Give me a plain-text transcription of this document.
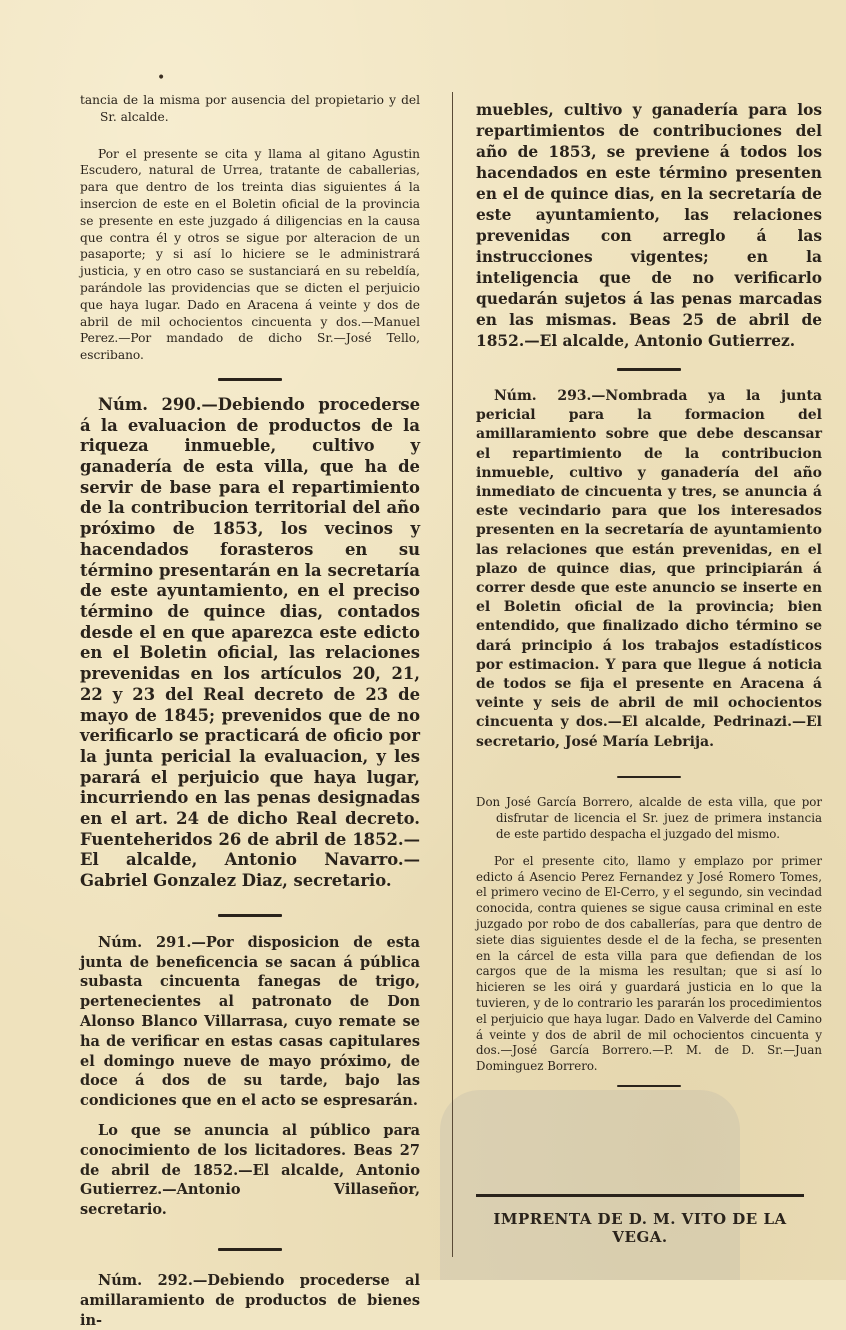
•

tancia de la misma por ausencia del propietario y del Sr. alcalde.

Por el presente se cita y llama al gitano Agustin Escudero, natural de Urrea, tratante de caballerias, para que dentro de los treinta dias siguientes á la insercion de este en el Boletin oficial de la provincia se presente en este juzgado á diligencias en la causa que contra él y otros se sigue por alteracion de un pasaporte; y si así lo hiciere se le administrará justicia, y en otro caso se sustanciará en su rebeldía, parándole las providencias que se dicten el perjuicio que haya lugar. Dado en Aracena á veinte y dos de abril de mil ochocientos cincuenta y dos.—Manuel Perez.—Por mandado de dicho Sr.—José Tello, escribano.

Núm. 290.—Debiendo procederse á la evaluacion de productos de la riqueza inmueble, cultivo y ganadería de esta villa, que ha de servir de base para el repartimiento de la contribucion territorial del año próximo de 1853, los vecinos y hacendados forasteros en su término presentarán en la secretaría de este ayuntamiento, en el preciso término de quince dias, contados desde el en que aparezca este edicto en el Boletin oficial, las relaciones prevenidas en los artículos 20, 21, 22 y 23 del Real decreto de 23 de mayo de 1845; prevenidos que de no verificarlo se practicará de oficio por la junta pericial la evaluacion, y les parará el perjuicio que haya lugar, incurriendo en las penas designadas en el art. 24 de dicho Real decreto. Fuenteheridos 26 de abril de 1852.—El alcalde, Antonio Navarro.—Gabriel Gonzalez Diaz, secretario.

Núm. 291.—Por disposicion de esta junta de beneficencia se sacan á pública subasta cincuenta fanegas de trigo, pertenecientes al patronato de Don Alonso Blanco Villarrasa, cuyo remate se ha de verificar en estas casas capitulares el domingo nueve de mayo próximo, de doce á dos de su tarde, bajo las condiciones que en el acto se espresarán.

Lo que se anuncia al público para conocimiento de los licitadores. Beas 27 de abril de 1852.—El alcalde, Antonio Gutierrez.—Antonio Villaseñor, secretario.

Núm. 292.—Debiendo procederse al amillaramiento de productos de bienes in-

muebles, cultivo y ganadería para los repartimientos de contribuciones del año de 1853, se previene á todos los hacendados en este término presenten en el de quince dias, en la secretaría de este ayuntamiento, las relaciones prevenidas con arreglo á las instrucciones vigentes; en la inteligencia que de no verificarlo quedarán sujetos á las penas marcadas en las mismas. Beas 25 de abril de 1852.—El alcalde, Antonio Gutierrez.

Núm. 293.—Nombrada ya la junta pericial para la formacion del amillaramiento sobre que debe descansar el repartimiento de la contribucion inmueble, cultivo y ganadería del año inmediato de cincuenta y tres, se anuncia á este vecindario para que los interesados presenten en la secretaría de ayuntamiento las relaciones que están prevenidas, en el plazo de quince dias, que principiarán á correr desde que este anuncio se inserte en el Boletin oficial de la provincia; bien entendido, que finalizado dicho término se dará principio á los trabajos estadísticos por estimacion. Y para que llegue á noticia de todos se fija el presente en Aracena á veinte y seis de abril de mil ochocientos cincuenta y dos.—El alcalde, Pedrinazi.—El secretario, José María Lebrija.

Don José García Borrero, alcalde de esta villa, que por disfrutar de licencia el Sr. juez de primera instancia de este partido despacha el juzgado del mismo.

Por el presente cito, llamo y emplazo por primer edicto á Asencio Perez Fernandez y José Romero Tomes, el primero vecino de El-Cerro, y el segundo, sin vecindad conocida, contra quienes se sigue causa criminal en este juzgado por robo de dos caballerías, para que dentro de siete dias siguientes desde el de la fecha, se presenten en la cárcel de esta villa para que defiendan de los cargos que de la misma les resultan; que si así lo hicieren se les oirá y guardará justicia en lo que la tuvieren, y de lo contrario les pararán los procedimientos el perjuicio que haya lugar. Dado en Valverde del Camino á veinte y dos de abril de mil ochocientos cincuenta y dos.—José García Borrero.—P. M. de D. Sr.—Juan Dominguez Borrero.

IMPRENTA DE D. M. VITO DE LA VEGA.
